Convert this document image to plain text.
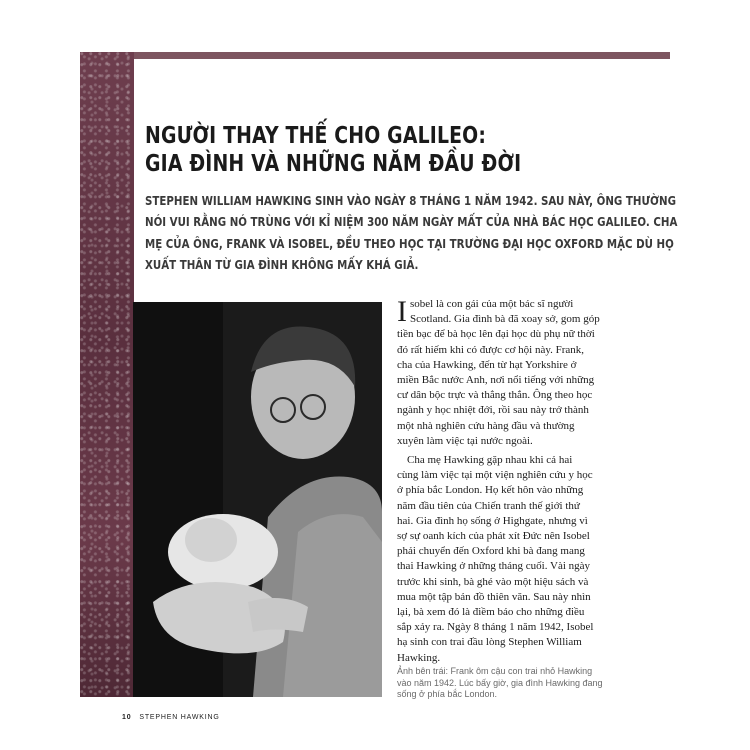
NGƯỜI THAY THẾ CHO GALILEO:
GIA ĐÌNH VÀ NHỮNG NĂM ĐẦU ĐỜI
STEPHEN WILLIAM HAWKING SINH VÀO NGÀY 8 THÁNG 1 NĂM 1942. SAU NÀY, ÔNG THƯỜNG
NÓI VUI RẰNG NÓ TRÙNG VỚI KỈ NIỆM 300 NĂM NGÀY MẤT CỦA NHÀ BÁC HỌC GALILEO. CHA
MẸ CỦA ÔNG, FRANK VÀ ISOBEL, ĐỀU THEO HỌC TẠI TRƯỜNG ĐẠI HỌC OXFORD MẶC DÙ HỌ
XUẤT THÂN TỪ GIA ĐÌNH KHÔNG MẤY KHÁ GIẢ.
I sobel là con gái của một bác sĩ người
Scotland. Gia đình bà đã xoay sở, gom góp
tiền bạc để bà học lên đại học dù phụ nữ thời
đó rất hiếm khi có được cơ hội này. Frank,
cha của Hawking, đến từ hạt Yorkshire ở
miền Bắc nước Anh, nơi nổi tiếng với những
cư dân bộc trực và thẳng thắn. Ông theo học
ngành y học nhiệt đới, rồi sau này trở thành
một nhà nghiên cứu hàng đầu và thường
xuyên làm việc tại nước ngoài.
Cha mẹ Hawking gặp nhau khi cả hai
cùng làm việc tại một viện nghiên cứu y học
ở phía bắc London. Họ kết hôn vào những
năm đầu tiên của Chiến tranh thế giới thứ
hai. Gia đình họ sống ở Highgate, nhưng vì
sợ sự oanh kích của phát xít Đức nên Isobel
phải chuyển đến Oxford khi bà đang mang
thai Hawking ở những tháng cuối. Vài ngày
trước khi sinh, bà ghé vào một hiệu sách và
mua một tập bản đồ thiên văn. Sau này nhìn
lại, bà xem đó là điềm báo cho những điều
sắp xảy ra. Ngày 8 tháng 1 năm 1942, Isobel
hạ sinh con trai đầu lòng Stephen William
Hawking.
Ảnh bên trái: Frank ôm cậu con trai nhỏ Hawking
vào năm 1942. Lúc bấy giờ, gia đình Hawking đang
sống ở phía bắc London.
10 STEPHEN HAWKING
